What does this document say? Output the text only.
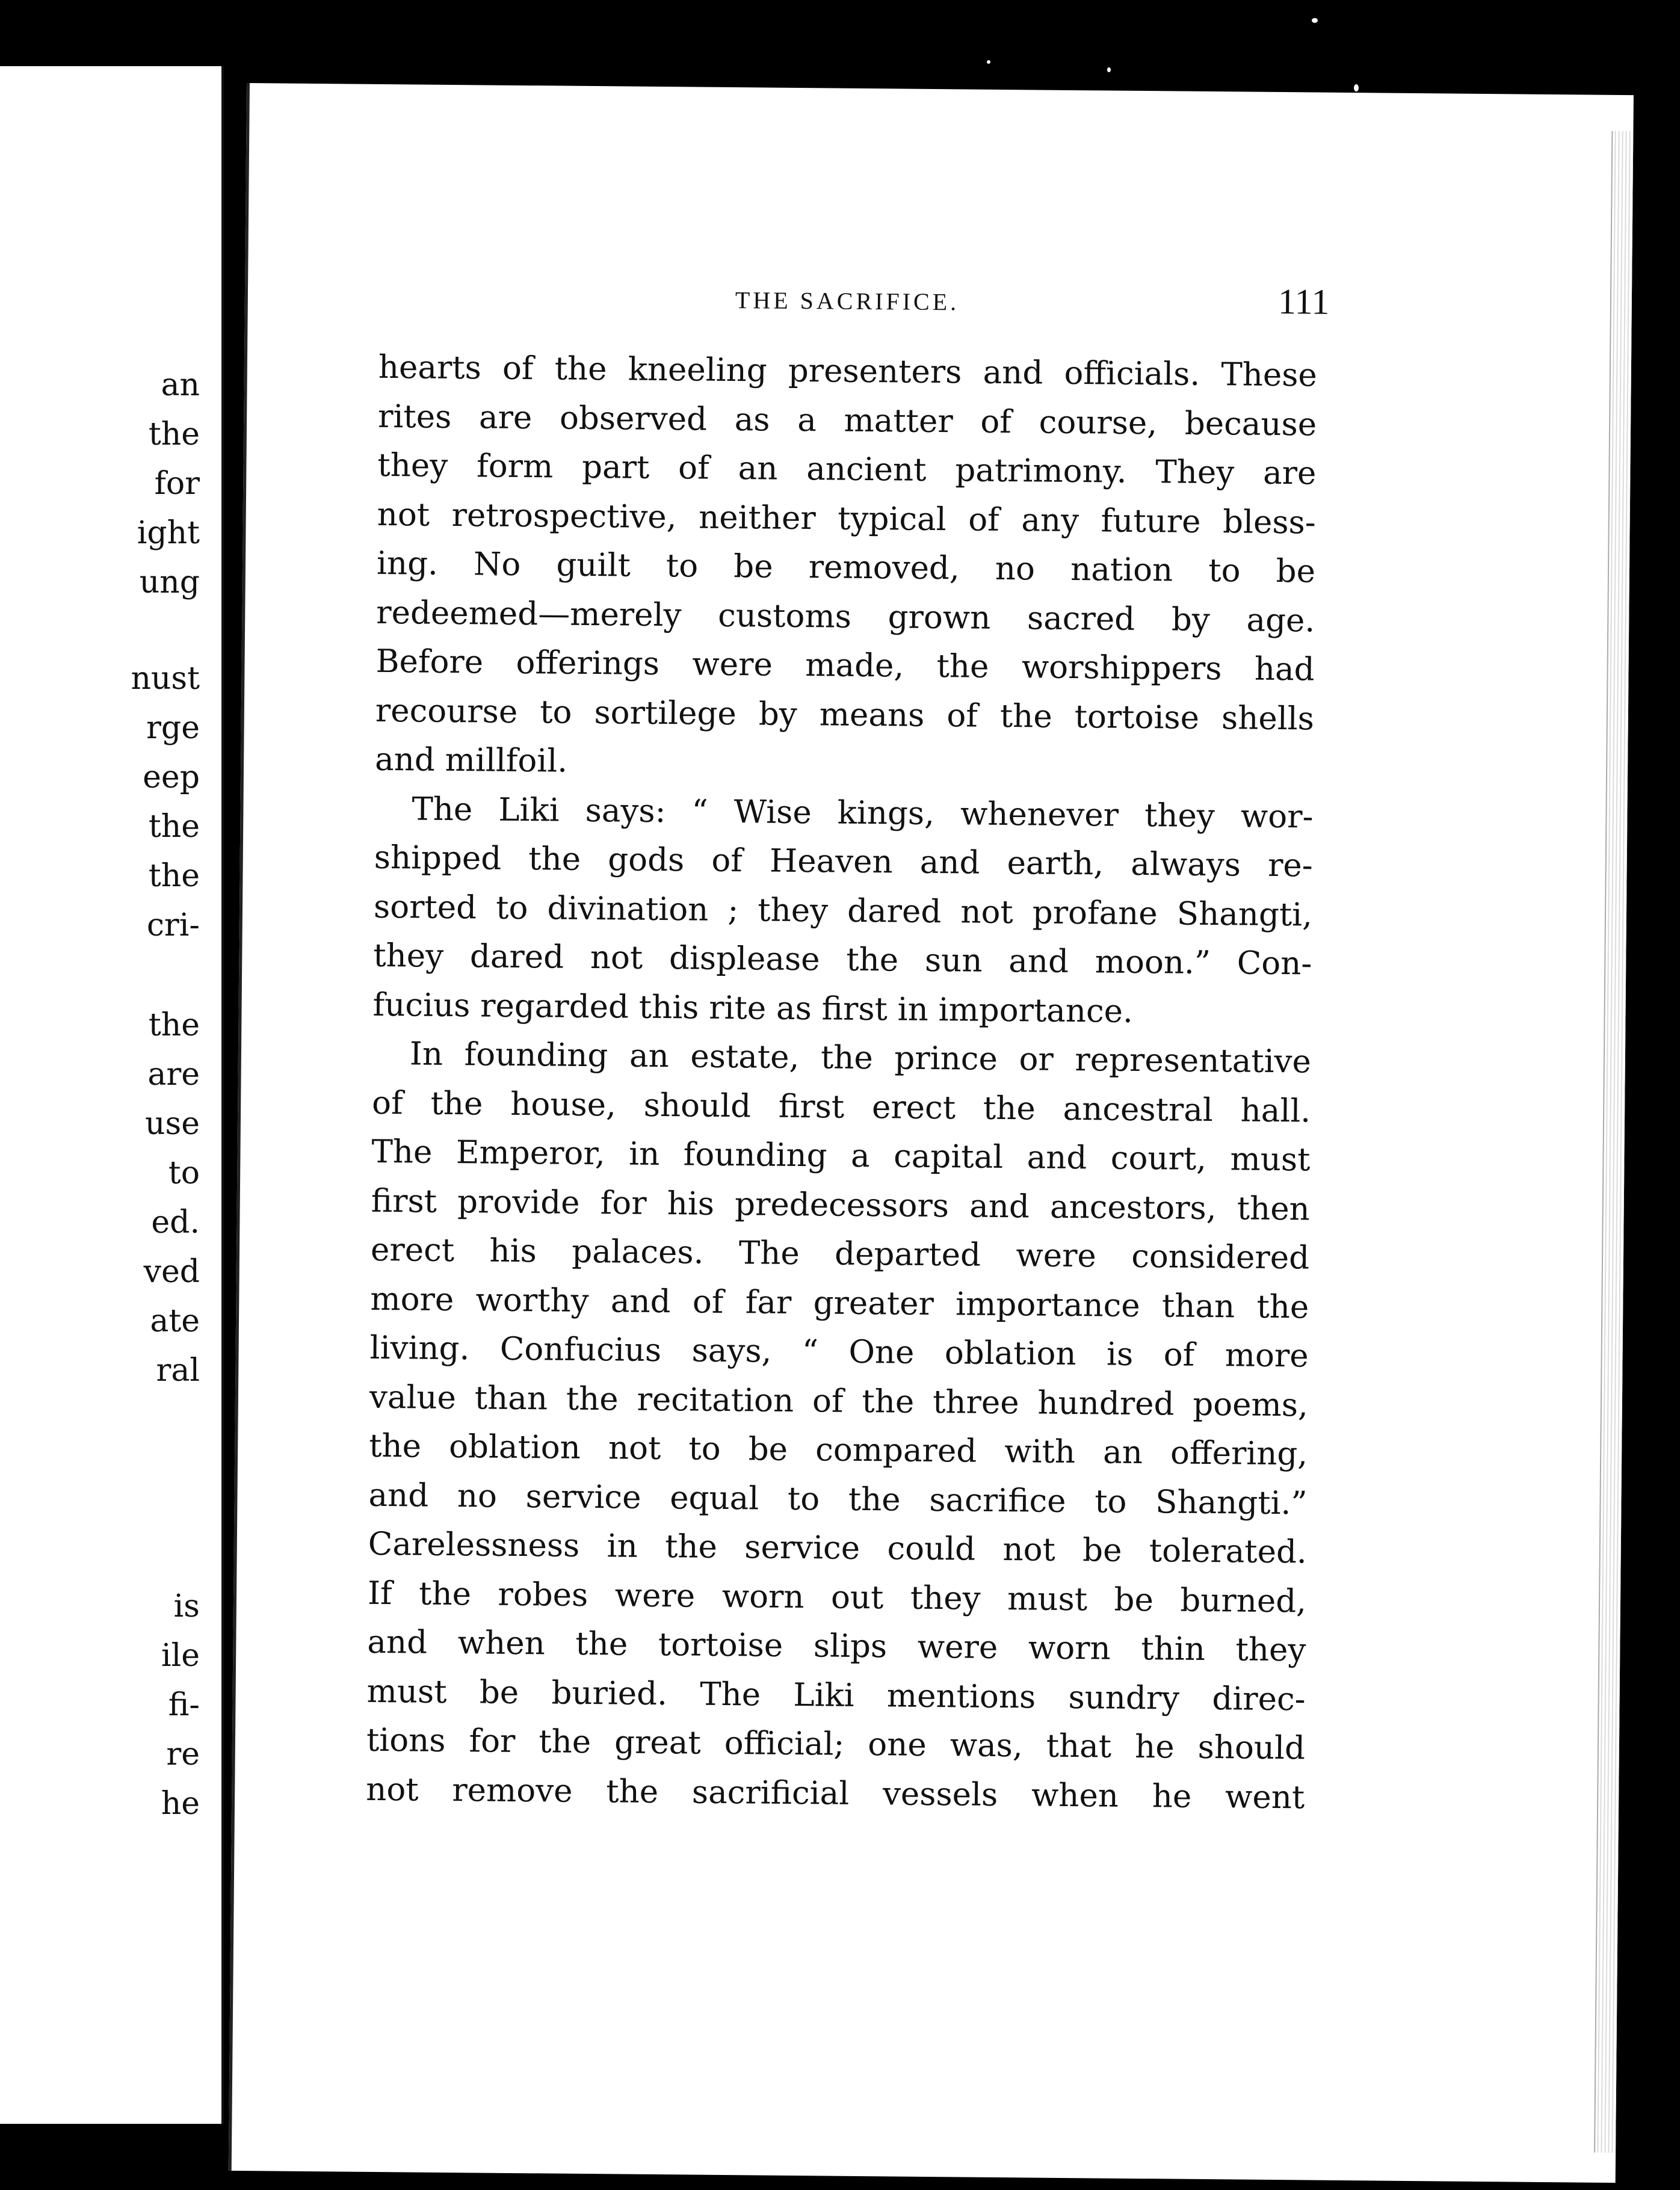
an
the
for
ight
ung
nust
rge
eep
the
the
cri-
the
are
use
to
ed.
ved
ate
ral
is
ile
fi-
re
he
THE SACRIFICE.	111
hearts of the kneeling presenters and officials. These
rites are observed as a matter of course, because
they form part of an ancient patrimony. They are
not retrospective, neither typical of any future bless-
ing. No guilt to be removed, no nation to be
redeemed—merely customs grown sacred by age.
Before offerings were made, the worshippers had
recourse to sortilege by means of the tortoise shells
and millfoil.
The Liki says: “ Wise kings, whenever they wor-
shipped the gods of Heaven and earth, always re-
sorted to divination ; they dared not profane Shangti,
they dared not displease the sun and moon.” Con-
fucius regarded this rite as first in importance.
In founding an estate, the prince or representative
of the house, should first erect the ancestral hall.
The Emperor, in founding a capital and court, must
first provide for his predecessors and ancestors, then
erect his palaces. The departed were considered
more worthy and of far greater importance than the
living. Confucius says, “ One oblation is of more
value than the recitation of the three hundred poems,
the oblation not to be compared with an offering,
and no service equal to the sacrifice to Shangti.”
Carelessness in the service could not be tolerated.
If the robes were worn out they must be burned,
and when the tortoise slips were worn thin they
must be buried. The Liki mentions sundry direc-
tions for the great official; one was, that he should
not remove the sacrificial vessels when he went
